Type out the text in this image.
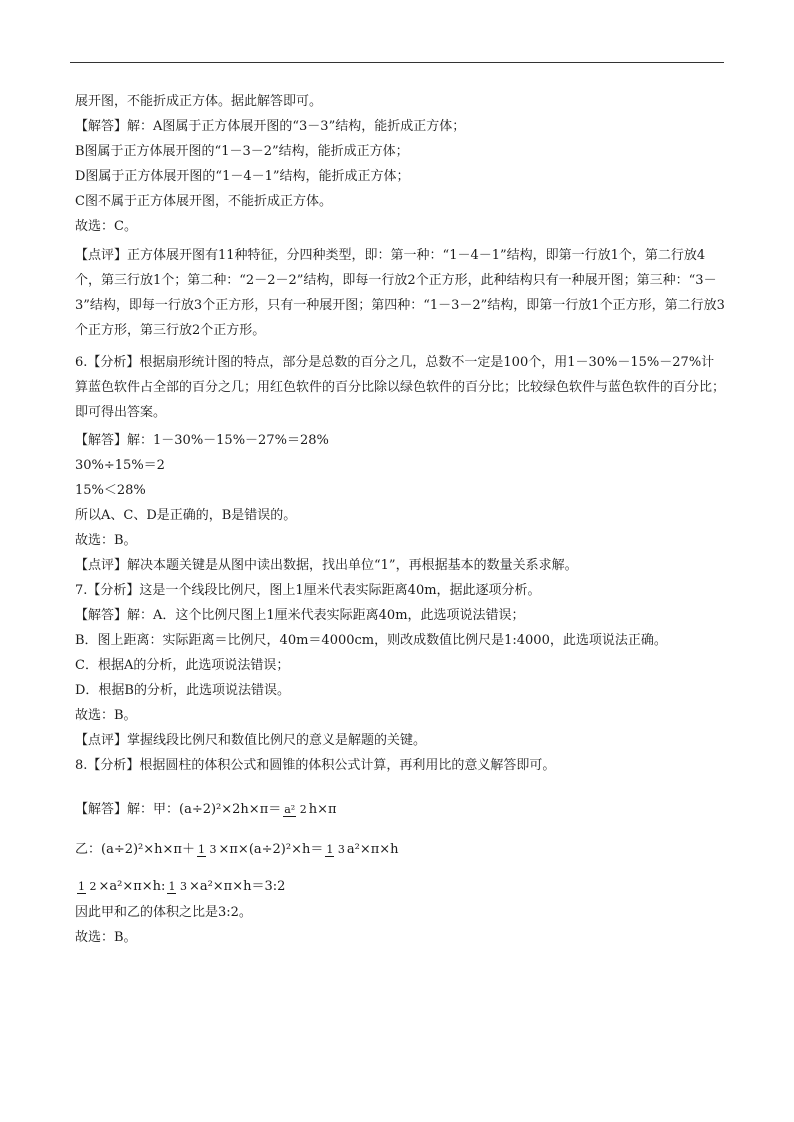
展开图，不能折成正方体。据此解答即可。
【解答】解：A图属于正方体展开图的“3－3”结构，能折成正方体；
B图属于正方体展开图的“1－3－2”结构，能折成正方体；
D图属于正方体展开图的“1－4－1”结构，能折成正方体；
C图不属于正方体展开图，不能折成正方体。
故选：C。
【点评】正方体展开图有11种特征，分四种类型，即：第一种：“1－4－1”结构，即第一行放1个，第二行放4个，第三行放1个；第二种：“2－2－2”结构，即每一行放2个正方形，此种结构只有一种展开图；第三种：“3－3”结构，即每一行放3个正方形，只有一种展开图；第四种：“1－3－2”结构，即第一行放1个正方形，第二行放3个正方形，第三行放2个正方形。
6.【分析】根据扇形统计图的特点，部分是总数的百分之几，总数不一定是100个，用1－30%－15%－27%计算蓝色软件占全部的百分之几；用红色软件的百分比除以绿色软件的百分比；比较绿色软件与蓝色软件的百分比；即可得出答案。
【解答】解：1－30%－15%－27%＝28%
30%÷15%＝2
15%＜28%
所以A、C、D是正确的，B是错误的。
故选：B。
【点评】解决本题关键是从图中读出数据，找出单位“1”，再根据基本的数量关系求解。
7.【分析】这是一个线段比例尺，图上1厘米代表实际距离40m，据此逐项分析。
【解答】解：A．这个比例尺图上1厘米代表实际距离40m，此选项说法错误；
B．图上距离：实际距离＝比例尺，40m＝4000cm，则改成数值比例尺是1:4000，此选项说法正确。
C．根据A的分析，此选项说法错误；
D．根据B的分析，此选项说法错误。
故选：B。
【点评】掌握线段比例尺和数值比例尺的意义是解题的关键。
8.【分析】根据圆柱的体积公式和圆锥的体积公式计算，再利用比的意义解答即可。
【解答】解：甲：(a÷2)²×2h×π＝ a² 2 h×π
乙：(a÷2)²×h×π＋ 1 3 ×π×(a÷2)²×h＝ 1 3 a²×π×h
1 2 ×a²×π×h: 1 3 ×a²×π×h＝3:2
因此甲和乙的体积之比是3:2。
故选：B。
